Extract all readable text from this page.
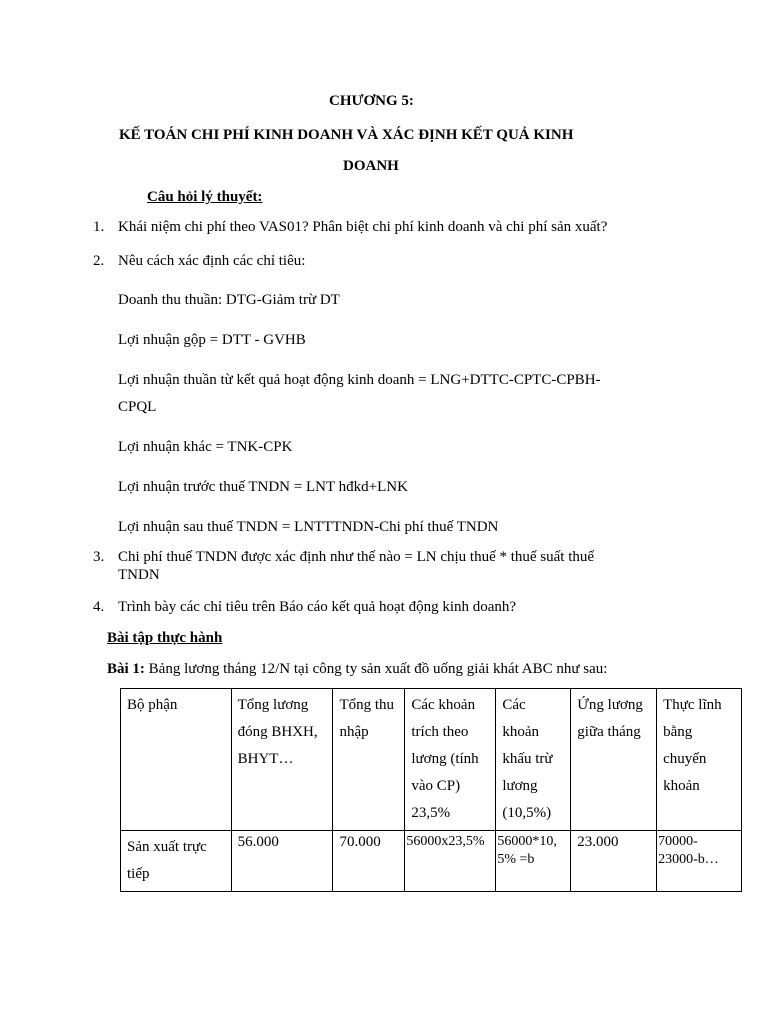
CHƯƠNG 5:
KẾ TOÁN CHI PHÍ KINH DOANH VÀ XÁC ĐỊNH KẾT QUẢ KINH
DOANH
Câu hỏi lý thuyết:
1. Khái niệm chi phí theo VAS01? Phân biệt chi phí kinh doanh và chi phí sản xuất?
2. Nêu cách xác định các chỉ tiêu:
Doanh thu thuần: DTG-Giảm trừ DT
Lợi nhuận gộp = DTT - GVHB
Lợi nhuận thuần từ kết quả hoạt động kinh doanh = LNG+DTTC-CPTC-CPBH-
CPQL
Lợi nhuận khác = TNK-CPK
Lợi nhuận trước thuế TNDN = LNT hđkd+LNK
Lợi nhuận sau thuế TNDN = LNTTTNDN-Chi phí thuế TNDN
3. Chi phí thuế TNDN được xác định như thế nào = LN chịu thuế * thuế suất thuế
TNDN
4. Trình bày các chỉ tiêu trên Báo cáo kết quả hoạt động kinh doanh?
Bài tập thực hành
Bài 1: Bảng lương tháng 12/N tại công ty sản xuất đồ uống giải khát ABC như sau:
Bộ phận	Tổng lương đóng BHXH, BHYT…	Tổng thu nhập	Các khoản trích theo lương (tính vào CP) 23,5%	Các khoản khấu trừ lương (10,5%)	Ứng lương giữa tháng	Thực lĩnh bằng chuyển khoản
Sản xuất trực tiếp	56.000	70.000	56000x23,5%	56000*10, 5% =b	23.000	70000-23000-b…
